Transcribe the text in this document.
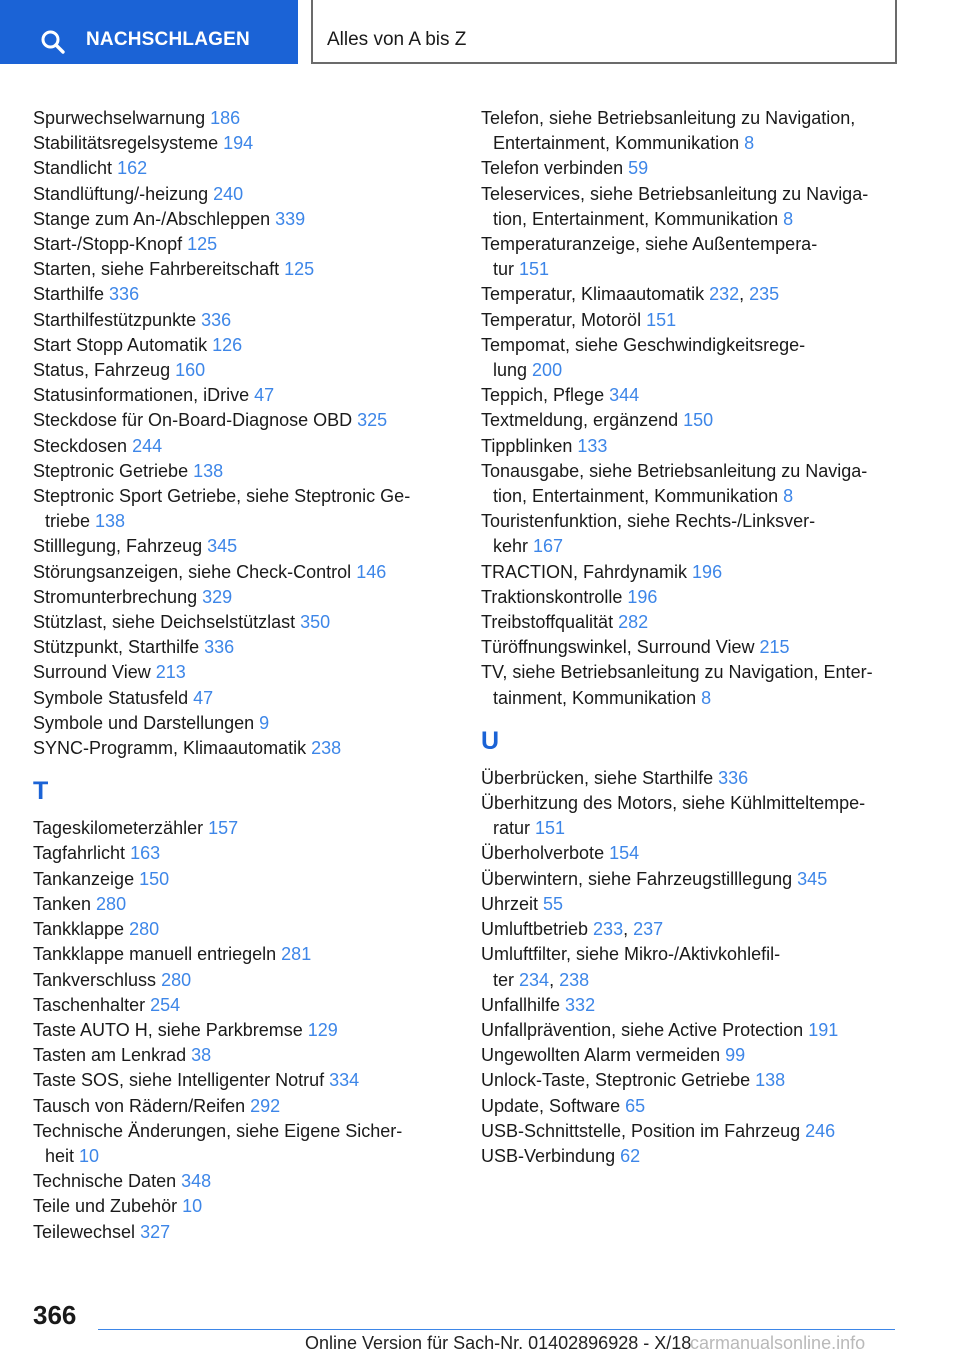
NACHSCHLAGEN	Alles von A bis Z
Spurwechselwarnung 186
Stabilitätsregelsysteme 194
Standlicht 162
Standlüftung/-heizung 240
Stange zum An-/Abschleppen 339
Start-/Stopp-Knopf 125
Starten, siehe Fahrbereitschaft 125
Starthilfe 336
Starthilfestützpunkte 336
Start Stopp Automatik 126
Status, Fahrzeug 160
Statusinformationen, iDrive 47
Steckdose für On-Board-Diagnose OBD 325
Steckdosen 244
Steptronic Getriebe 138
Steptronic Sport Getriebe, siehe Steptronic Ge-
triebe 138
Stilllegung, Fahrzeug 345
Störungsanzeigen, siehe Check-Control 146
Stromunterbrechung 329
Stützlast, siehe Deichselstützlast 350
Stützpunkt, Starthilfe 336
Surround View 213
Symbole Statusfeld 47
Symbole und Darstellungen 9
SYNC-Programm, Klimaautomatik 238
T
Tageskilometerzähler 157
Tagfahrlicht 163
Tankanzeige 150
Tanken 280
Tankklappe 280
Tankklappe manuell entriegeln 281
Tankverschluss 280
Taschenhalter 254
Taste AUTO H, siehe Parkbremse 129
Tasten am Lenkrad 38
Taste SOS, siehe Intelligenter Notruf 334
Tausch von Rädern/Reifen 292
Technische Änderungen, siehe Eigene Sicher-
heit 10
Technische Daten 348
Teile und Zubehör 10
Teilewechsel 327
Telefon, siehe Betriebsanleitung zu Navigation,
Entertainment, Kommunikation 8
Telefon verbinden 59
Teleservices, siehe Betriebsanleitung zu Naviga-
tion, Entertainment, Kommunikation 8
Temperaturanzeige, siehe Außentempera-
tur 151
Temperatur, Klimaautomatik 232, 235
Temperatur, Motoröl 151
Tempomat, siehe Geschwindigkeitsrege-
lung 200
Teppich, Pflege 344
Textmeldung, ergänzend 150
Tippblinken 133
Tonausgabe, siehe Betriebsanleitung zu Naviga-
tion, Entertainment, Kommunikation 8
Touristenfunktion, siehe Rechts-/Linksver-
kehr 167
TRACTION, Fahrdynamik 196
Traktionskontrolle 196
Treibstoffqualität 282
Türöffnungswinkel, Surround View 215
TV, siehe Betriebsanleitung zu Navigation, Enter-
tainment, Kommunikation 8
U
Überbrücken, siehe Starthilfe 336
Überhitzung des Motors, siehe Kühlmitteltempe-
ratur 151
Überholverbote 154
Überwintern, siehe Fahrzeugstilllegung 345
Uhrzeit 55
Umluftbetrieb 233, 237
Umluftfilter, siehe Mikro-/Aktivkohlefil-
ter 234, 238
Unfallhilfe 332
Unfallprävention, siehe Active Protection 191
Ungewollten Alarm vermeiden 99
Unlock-Taste, Steptronic Getriebe 138
Update, Software 65
USB-Schnittstelle, Position im Fahrzeug 246
USB-Verbindung 62
366
Online Version für Sach-Nr. 01402896928 - X/18
carmanualsonline.info
